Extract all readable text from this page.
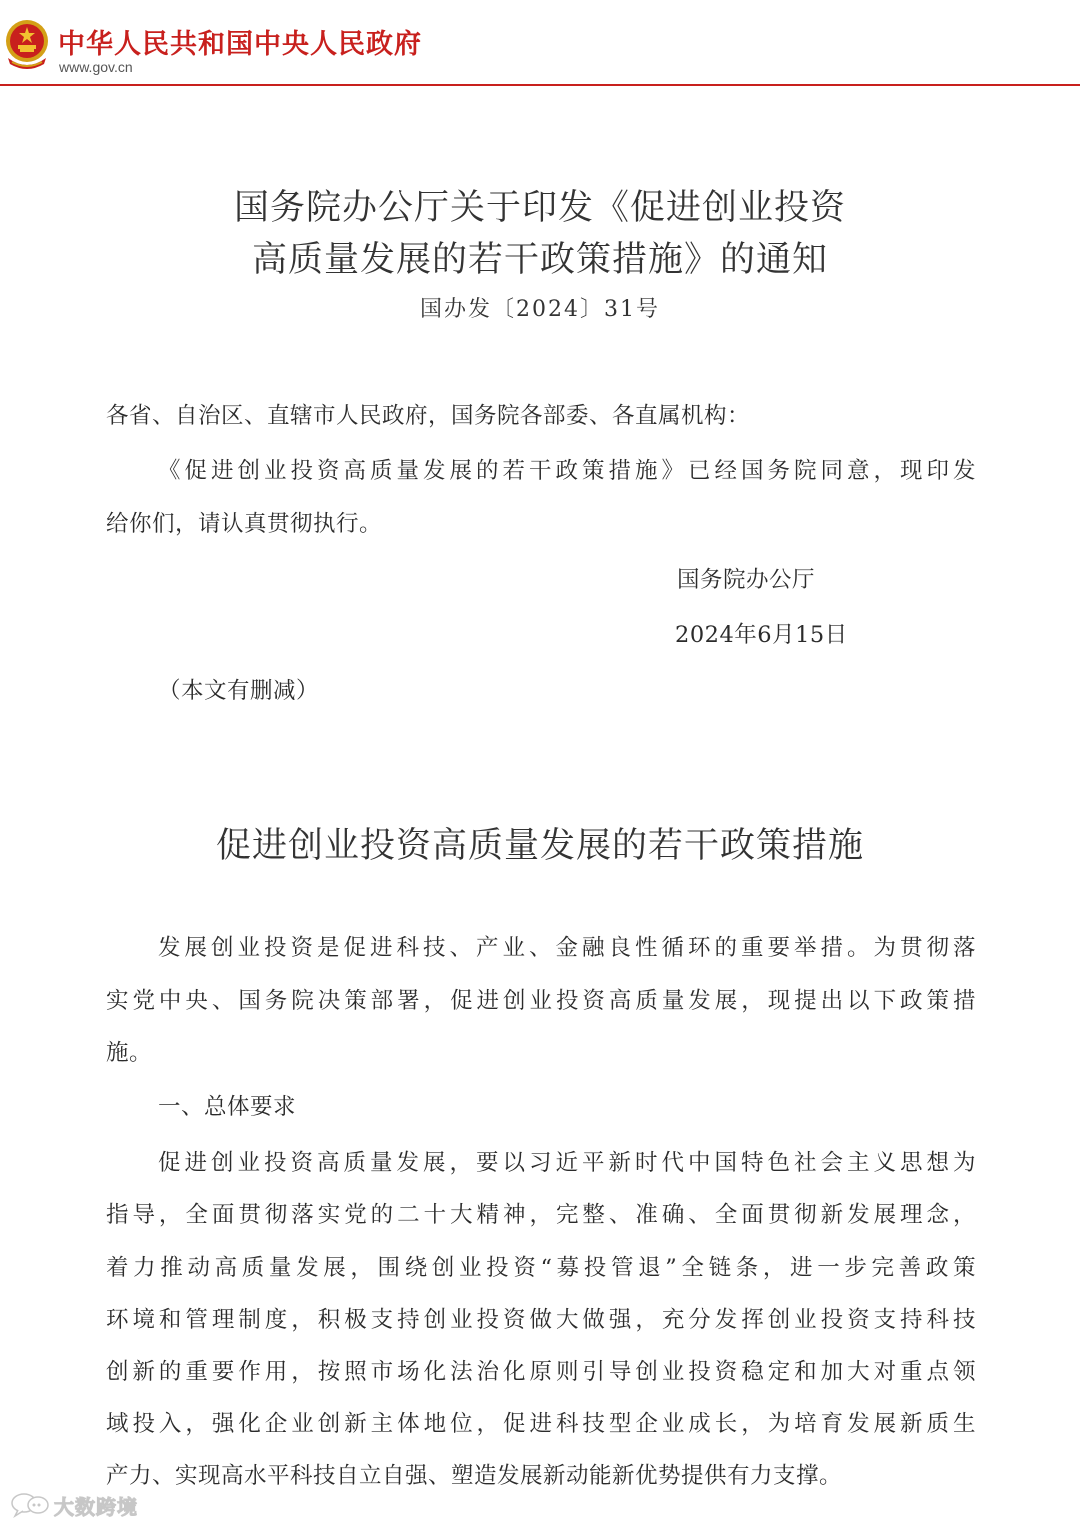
中华人民共和国中央人民政府
www.gov.cn
国务院办公厅关于印发《促进创业投资
高质量发展的若干政策措施》的通知
国办发〔2024〕31号
各省、自治区、直辖市人民政府，国务院各部委、各直属机构：
《促进创业投资高质量发展的若干政策措施》已经国务院同意，现印发
给你们，请认真贯彻执行。
国务院办公厅
2024年6月15日
（本文有删减）
促进创业投资高质量发展的若干政策措施
发展创业投资是促进科技、产业、金融良性循环的重要举措。为贯彻落
实党中央、国务院决策部署，促进创业投资高质量发展，现提出以下政策措
施。
一、总体要求
促进创业投资高质量发展，要以习近平新时代中国特色社会主义思想为
指导，全面贯彻落实党的二十大精神，完整、准确、全面贯彻新发展理念，
着力推动高质量发展，围绕创业投资“募投管退”全链条，进一步完善政策
环境和管理制度，积极支持创业投资做大做强，充分发挥创业投资支持科技
创新的重要作用，按照市场化法治化原则引导创业投资稳定和加大对重点领
域投入，强化企业创新主体地位，促进科技型企业成长，为培育发展新质生
产力、实现高水平科技自立自强、塑造发展新动能新优势提供有力支撑。
大数跨境
